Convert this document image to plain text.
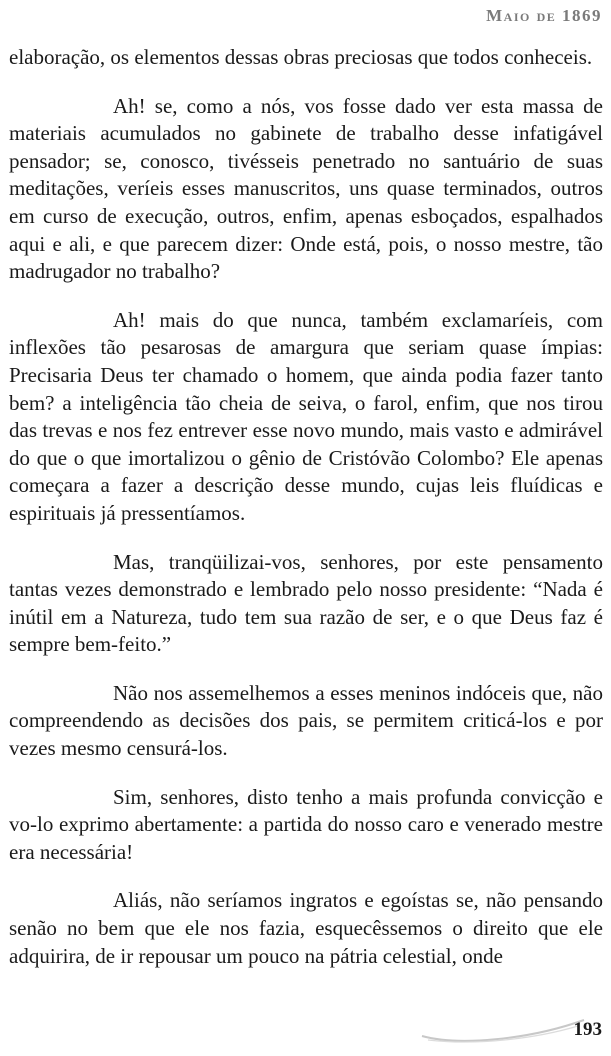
Maio de 1869

elaboração, os elementos dessas obras preciosas que todos conheceis.

Ah! se, como a nós, vos fosse dado ver esta massa de materiais acumulados no gabinete de trabalho desse infatigável pensador; se, conosco, tivésseis penetrado no santuário de suas meditações, veríeis esses manuscritos, uns quase terminados, outros em curso de execução, outros, enfim, apenas esboçados, espalhados aqui e ali, e que parecem dizer: Onde está, pois, o nosso mestre, tão madrugador no trabalho?

Ah! mais do que nunca, também exclamaríeis, com inflexões tão pesarosas de amargura que seriam quase ímpias: Precisaria Deus ter chamado o homem, que ainda podia fazer tanto bem? a inteligência tão cheia de seiva, o farol, enfim, que nos tirou das trevas e nos fez entrever esse novo mundo, mais vasto e admirável do que o que imortalizou o gênio de Cristóvão Colombo? Ele apenas começara a fazer a descrição desse mundo, cujas leis fluídicas e espirituais já pressentíamos.

Mas, tranqüilizai-vos, senhores, por este pensamento tantas vezes demonstrado e lembrado pelo nosso presidente: “Nada é inútil em a Natureza, tudo tem sua razão de ser, e o que Deus faz é sempre bem-feito.”

Não nos assemelhemos a esses meninos indóceis que, não compreendendo as decisões dos pais, se permitem criticá-los e por vezes mesmo censurá-los.

Sim, senhores, disto tenho a mais profunda convicção e vo-lo exprimo abertamente: a partida do nosso caro e venerado mestre era necessária!

Aliás, não seríamos ingratos e egoístas se, não pensando senão no bem que ele nos fazia, esquecêssemos o direito que ele adquirira, de ir repousar um pouco na pátria celestial, onde

193
